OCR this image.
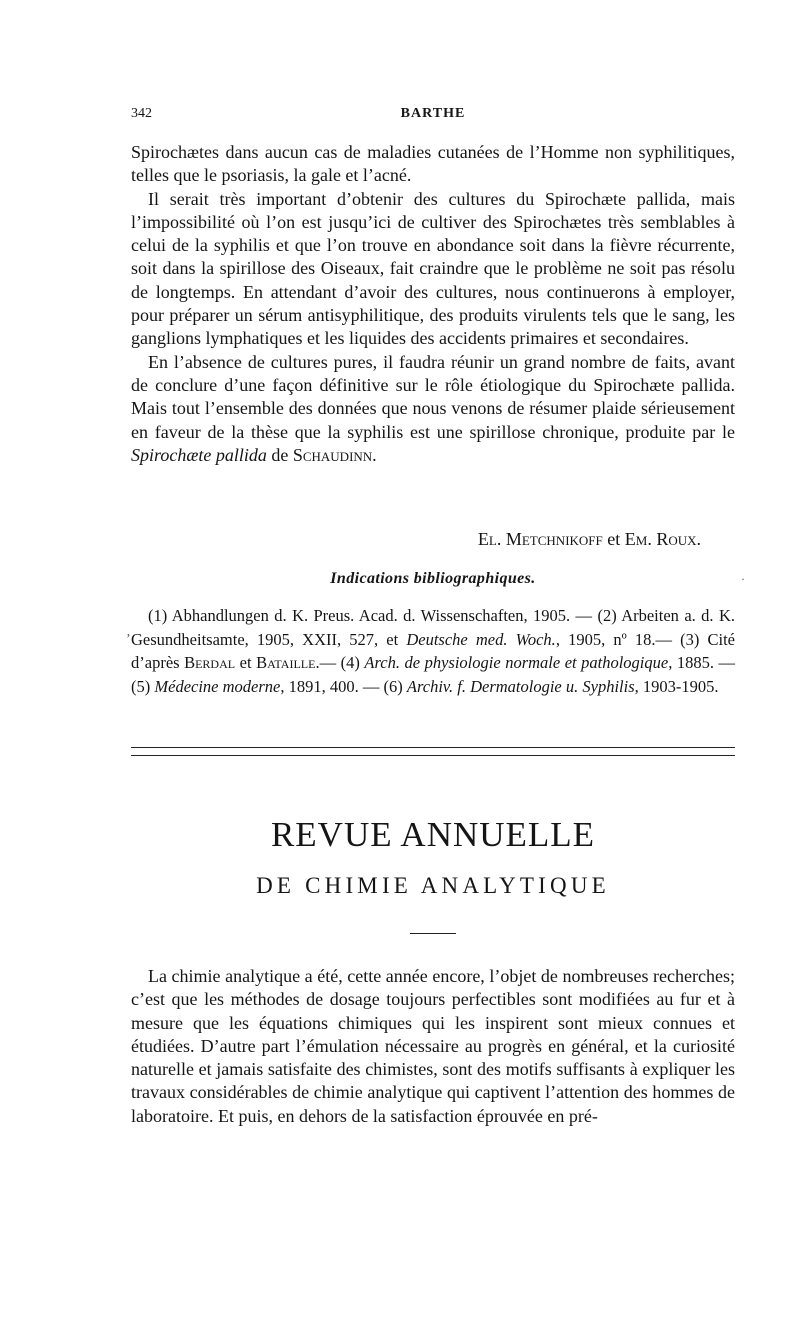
342	BARTHE

Spirochætes dans aucun cas de maladies cutanées de l’Homme non syphilitiques, telles que le psoriasis, la gale et l’acné.

Il serait très important d’obtenir des cultures du Spirochæte pallida, mais l’impossibilité où l’on est jusqu’ici de cultiver des Spirochætes très semblables à celui de la syphilis et que l’on trouve en abondance soit dans la fièvre récurrente, soit dans la spirillose des Oiseaux, fait craindre que le problème ne soit pas résolu de longtemps. En attendant d’avoir des cultures, nous continuerons à employer, pour préparer un sérum antisyphilitique, des produits virulents tels que le sang, les ganglions lymphatiques et les liquides des accidents primaires et secondaires.

En l’absence de cultures pures, il faudra réunir un grand nombre de faits, avant de conclure d’une façon définitive sur le rôle étiologique du Spirochæte pallida. Mais tout l’ensemble des données que nous venons de résumer plaide sérieusement en faveur de la thèse que la syphilis est une spirillose chronique, produite par le Spirochæte pallida de Schaudinn.

El. Metchnikoff et Em. Roux.
Indications bibliographiques.

(1) Abhandlungen d. K. Preus. Acad. d. Wissenschaften, 1905. — (2) Arbeiten a. d. K. Gesundheitsamte, 1905, XXII, 527, et Deutsche med. Woch., 1905, nº 18.— (3) Cité d’après Berdal et Bataille.— (4) Arch. de physiologie normale et pathologique, 1885. — (5) Médecine moderne, 1891, 400. — (6) Archiv. f. Dermatologie u. Syphilis, 1903-1905.

REVUE ANNUELLE
DE CHIMIE ANALYTIQUE

La chimie analytique a été, cette année encore, l’objet de nombreuses recherches; c’est que les méthodes de dosage toujours perfectibles sont modifiées au fur et à mesure que les équations chimiques qui les inspirent sont mieux connues et étudiées. D’autre part l’émulation nécessaire au progrès en général, et la curiosité naturelle et jamais satisfaite des chimistes, sont des motifs suffisants à expliquer les travaux considérables de chimie analytique qui captivent l’attention des hommes de laboratoire. Et puis, en dehors de la satisfaction éprouvée en pré-

’
·
